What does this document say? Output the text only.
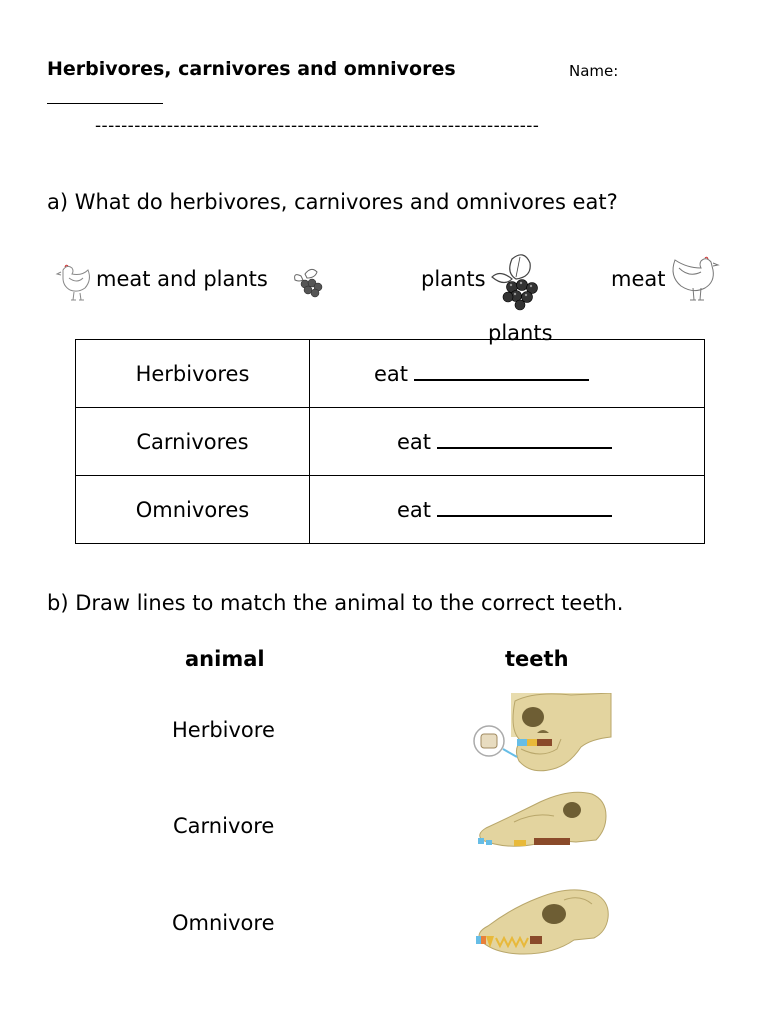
Herbivores, carnivores and omnivores	Name:
--------------------------------------------------------------------
a) What do herbivores, carnivores and omnivores eat?
meat and plants	plants	meat
plants
Herbivores	eat
Carnivores	eat
Omnivores	eat
b) Draw lines to match the animal to the correct teeth.
animal	teeth
Herbivore
Carnivore
Omnivore
